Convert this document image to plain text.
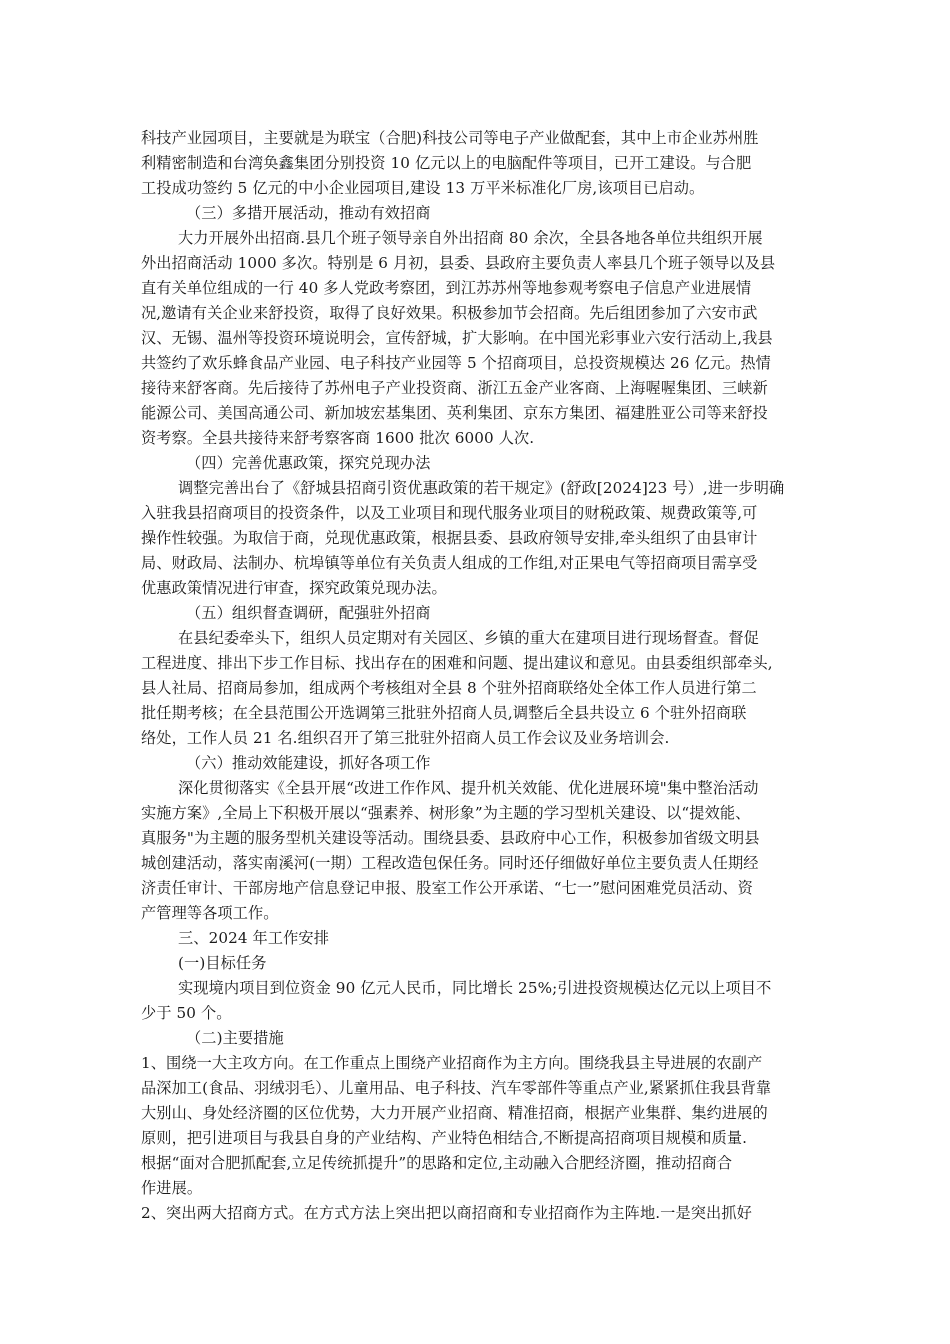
科技产业园项目，主要就是为联宝（合肥)科技公司等电子产业做配套，其中上市企业苏州胜
利精密制造和台湾奂鑫集团分别投资 10 亿元以上的电脑配件等项目，已开工建设。与合肥
工投成功签约 5 亿元的中小企业园项目,建设 13 万平米标准化厂房,该项目已启动。
（三）多措开展活动，推动有效招商
大力开展外出招商.县几个班子领导亲自外出招商 80 余次，全县各地各单位共组织开展
外出招商活动 1000 多次。特别是 6 月初，县委、县政府主要负责人率县几个班子领导以及县
直有关单位组成的一行 40 多人党政考察团，到江苏苏州等地参观考察电子信息产业进展情
况,邀请有关企业来舒投资，取得了良好效果。积极参加节会招商。先后组团参加了六安市武
汉、无锡、温州等投资环境说明会，宣传舒城，扩大影响。在中国光彩事业六安行活动上,我县
共签约了欢乐蜂食品产业园、电子科技产业园等 5 个招商项目，总投资规模达 26 亿元。热情
接待来舒客商。先后接待了苏州电子产业投资商、浙江五金产业客商、上海喔喔集团、三峡新
能源公司、美国高通公司、新加坡宏基集团、英利集团、京东方集团、福建胜亚公司等来舒投
资考察。全县共接待来舒考察客商 1600 批次 6000 人次.
（四）完善优惠政策，探究兑现办法
调整完善出台了《舒城县招商引资优惠政策的若干规定》(舒政[2024]23 号）,进一步明确
入驻我县招商项目的投资条件，以及工业项目和现代服务业项目的财税政策、规费政策等,可
操作性较强。为取信于商，兑现优惠政策，根据县委、县政府领导安排,牵头组织了由县审计
局、财政局、法制办、杭埠镇等单位有关负责人组成的工作组,对正果电气等招商项目需享受
优惠政策情况进行审查，探究政策兑现办法。
（五）组织督查调研，配强驻外招商
在县纪委牵头下，组织人员定期对有关园区、乡镇的重大在建项目进行现场督查。督促
工程进度、排出下步工作目标、找出存在的困难和问题、提出建议和意见。由县委组织部牵头,
县人社局、招商局参加，组成两个考核组对全县 8 个驻外招商联络处全体工作人员进行第二
批任期考核；在全县范围公开选调第三批驻外招商人员,调整后全县共设立 6 个驻外招商联
络处，工作人员 21 名.组织召开了第三批驻外招商人员工作会议及业务培训会.
（六）推动效能建设，抓好各项工作
深化贯彻落实《全县开展“改进工作作风、提升机关效能、优化进展环境"集中整治活动
实施方案》,全局上下积极开展以“强素养、树形象”为主题的学习型机关建设、以“提效能、
真服务"为主题的服务型机关建设等活动。围绕县委、县政府中心工作，积极参加省级文明县
城创建活动，落实南溪河(一期）工程改造包保任务。同时还仔细做好单位主要负责人任期经
济责任审计、干部房地产信息登记申报、股室工作公开承诺、“七一”慰问困难党员活动、资
产管理等各项工作。
三、2024 年工作安排
(一)目标任务
实现境内项目到位资金 90 亿元人民币，同比增长 25%;引进投资规模达亿元以上项目不
少于 50 个。
（二)主要措施
1、围绕一大主攻方向。在工作重点上围绕产业招商作为主方向。围绕我县主导进展的农副产
品深加工(食品、羽绒羽毛）、儿童用品、电子科技、汽车零部件等重点产业,紧紧抓住我县背靠
大别山、身处经济圈的区位优势，大力开展产业招商、精准招商，根据产业集群、集约进展的
原则，把引进项目与我县自身的产业结构、产业特色相结合,不断提高招商项目规模和质量.
根据“面对合肥抓配套,立足传统抓提升”的思路和定位,主动融入合肥经济圈，推动招商合
作进展。
2、突出两大招商方式。在方式方法上突出把以商招商和专业招商作为主阵地.一是突出抓好
